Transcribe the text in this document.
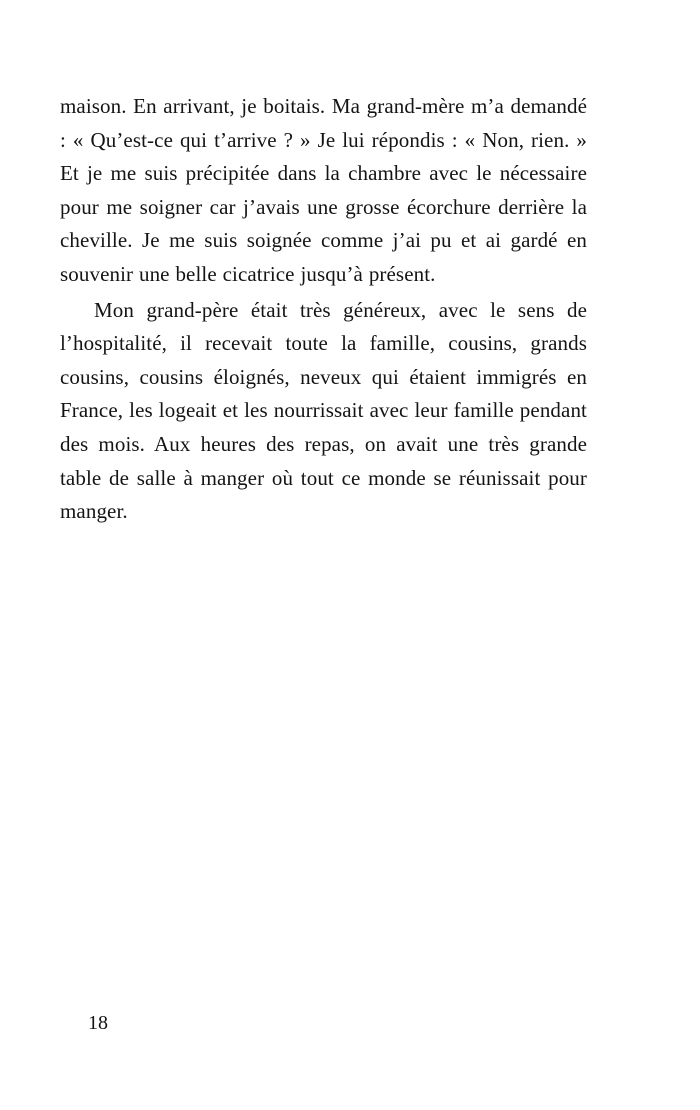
maison. En arrivant, je boitais. Ma grand-mère m’a demandé : « Qu’est-ce qui t’arrive ? » Je lui répondis : « Non, rien. » Et je me suis précipitée dans la chambre avec le nécessaire pour me soigner car j’avais une grosse écorchure derrière la cheville. Je me suis soignée comme j’ai pu et ai gardé en souvenir une belle cicatrice jusqu’à présent.

Mon grand-père était très généreux, avec le sens de l’hospitalité, il recevait toute la famille, cousins, grands cousins, cousins éloignés, neveux qui étaient immigrés en France, les logeait et les nourrissait avec leur famille pendant des mois. Aux heures des repas, on avait une très grande table de salle à manger où tout ce monde se réunissait pour manger.

18
